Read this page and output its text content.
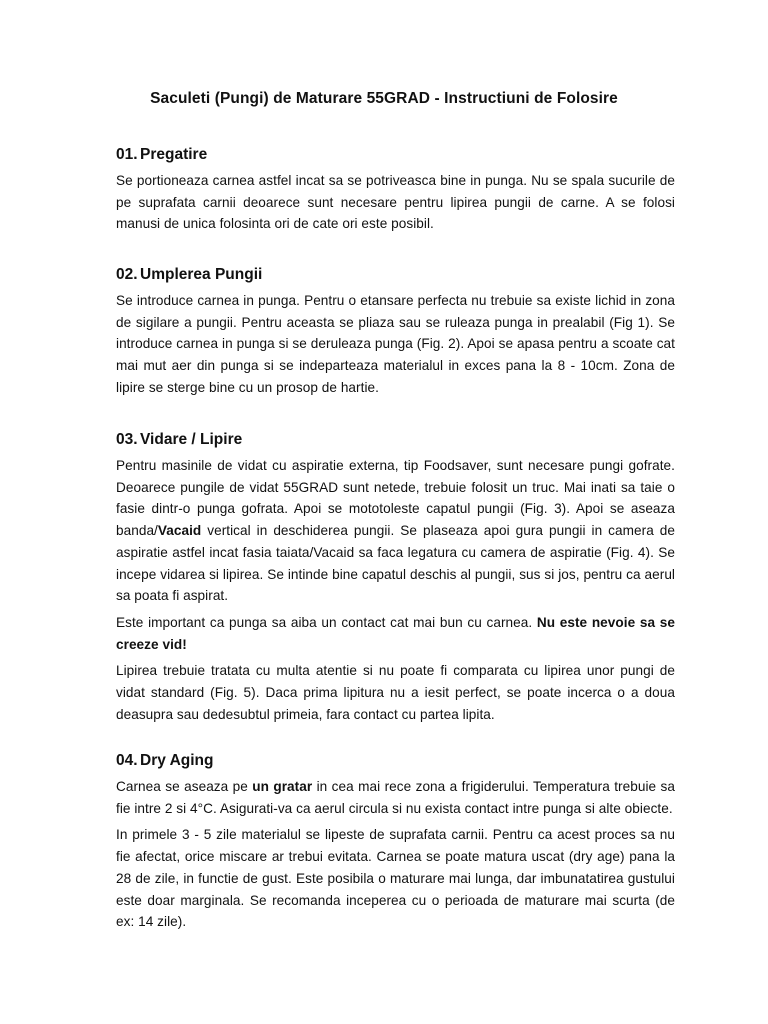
Saculeti (Pungi) de Maturare 55GRAD - Instructiuni de Folosire
01. Pregatire

Se portioneaza carnea astfel incat sa se potriveasca bine in punga. Nu se spala sucurile de pe suprafata carnii deoarece sunt necesare pentru lipirea pungii de carne. A se folosi manusi de unica folosinta ori de cate ori este posibil.

02. Umplerea Pungii

Se introduce carnea in punga. Pentru o etansare perfecta nu trebuie sa existe lichid in zona de sigilare a pungii. Pentru aceasta se pliaza sau se ruleaza punga in prealabil (Fig 1). Se introduce carnea in punga si se deruleaza punga (Fig. 2). Apoi se apasa pentru a scoate cat mai mut aer din punga si se indeparteaza materialul in exces pana la 8 - 10cm. Zona de lipire se sterge bine cu un prosop de hartie.

03. Vidare / Lipire

Pentru masinile de vidat cu aspiratie externa, tip Foodsaver, sunt necesare pungi gofrate. Deoarece pungile de vidat 55GRAD sunt netede, trebuie folosit un truc. Mai inati sa taie o fasie dintr-o punga gofrata. Apoi se mototoleste capatul pungii (Fig. 3). Apoi se aseaza banda/Vacaid vertical in deschiderea pungii. Se plaseaza apoi gura pungii in camera de aspiratie astfel incat fasia taiata/Vacaid sa faca legatura cu camera de aspiratie (Fig. 4). Se incepe vidarea si lipirea. Se intinde bine capatul deschis al pungii, sus si jos, pentru ca aerul sa poata fi aspirat.

Este important ca punga sa aiba un contact cat mai bun cu carnea. Nu este nevoie sa se creeze vid!

Lipirea trebuie tratata cu multa atentie si nu poate fi comparata cu lipirea unor pungi de vidat standard (Fig. 5). Daca prima lipitura nu a iesit perfect, se poate incerca o a doua deasupra sau dedesubtul primeia, fara contact cu partea lipita.

04. Dry Aging

Carnea se aseaza pe un gratar in cea mai rece zona a frigiderului. Temperatura trebuie sa fie intre 2 si 4°C. Asigurati-va ca aerul circula si nu exista contact intre punga si alte obiecte.

In primele 3 - 5 zile materialul se lipeste de suprafata carnii. Pentru ca acest proces sa nu fie afectat, orice miscare ar trebui evitata. Carnea se poate matura uscat (dry age) pana la 28 de zile, in functie de gust. Este posibila o maturare mai lunga, dar imbunatatirea gustului este doar marginala. Se recomanda inceperea cu o perioada de maturare mai scurta (de ex: 14 zile).
